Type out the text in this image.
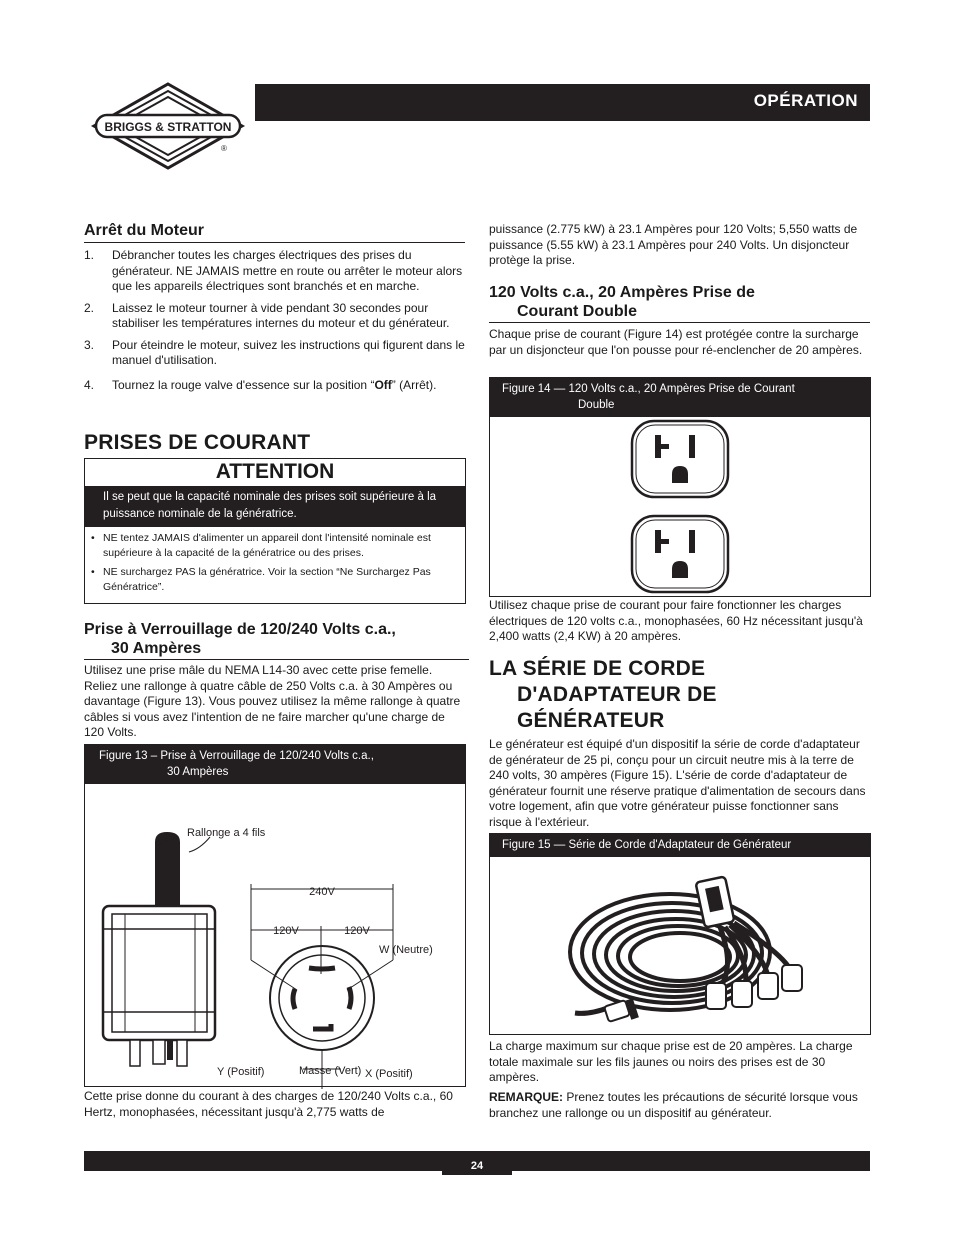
BRIGGS & STRATTON
®
OPÉRATION
Arrêt du Moteur
1. Débrancher toutes les charges électriques des prises du générateur. NE JAMAIS mettre en route ou arrêter le moteur alors que les appareils électriques sont branchés et en marche.
2. Laissez le moteur tourner à vide pendant 30 secondes pour stabiliser les températures internes du moteur et du générateur.
3. Pour éteindre le moteur, suivez les instructions qui figurent dans le manuel d'utilisation.
4. Tournez la rouge valve d'essence sur la position “Off” (Arrêt).
PRISES DE COURANT
ATTENTION
Il se peut que la capacité nominale des prises soit supérieure à la puissance nominale de la génératrice.
• NE tentez JAMAIS d'alimenter un appareil dont l'intensité nominale est supérieure à la capacité de la génératrice ou des prises.
• NE surchargez PAS la génératrice. Voir la section “Ne Surchargez Pas Génératrice”.
Prise à Verrouillage de 120/240 Volts c.a.,
30 Ampères
Utilisez une prise mâle du NEMA L14-30 avec cette prise femelle. Reliez une rallonge à quatre câble de 250 Volts c.a. à 30 Ampères ou davantage (Figure 13). Vous pouvez utilisez la même rallonge à quatre câbles si vous avez l'intention de ne faire marcher qu'une charge de 120 Volts.
Figure 13 – Prise à Verrouillage de 120/240 Volts c.a.,
30 Ampères
Rallonge a 4 fils
240V
120V	120V
W (Neutre)
Y (Positif)	X (Positif)
Masse (Vert)
Cette prise donne du courant à des charges de 120/240 Volts c.a., 60 Hertz, monophasées, nécessitant jusqu'à 2,775 watts de
puissance (2.775 kW) à 23.1 Ampères pour 120 Volts; 5,550 watts de puissance (5.55 kW) à 23.1 Ampères pour 240 Volts. Un disjoncteur protège la prise.
120 Volts c.a., 20 Ampères Prise de
Courant Double
Chaque prise de courant (Figure 14) est protégée contre la surcharge par un disjoncteur que l'on pousse pour ré-enclencher de 20 ampères.
Figure 14 — 120 Volts c.a., 20 Ampères Prise de Courant
Double
Utilisez chaque prise de courant pour faire fonctionner les charges électriques de 120 volts c.a., monophasées, 60 Hz nécessitant jusqu'à 2,400 watts (2,4 KW) à 20 ampères.
LA SÉRIE DE CORDE
D'ADAPTATEUR DE
GÉNÉRATEUR
Le générateur est équipé d'un dispositif la série de corde d'adaptateur de générateur de 25 pi, conçu pour un circuit neutre mis à la terre de 240 volts, 30 ampères (Figure 15). L'série de corde d'adaptateur de générateur fournit une réserve pratique d'alimentation de secours dans votre logement, afin que votre générateur puisse fonctionner sans risque à l'extérieur.
Figure 15 — Série de Corde d'Adaptateur de Générateur
La charge maximum sur chaque prise est de 20 ampères. La charge totale maximale sur les fils jaunes ou noirs des prises est de 30 ampères.
REMARQUE: Prenez toutes les précautions de sécurité lorsque vous branchez une rallonge ou un dispositif au générateur.
24
